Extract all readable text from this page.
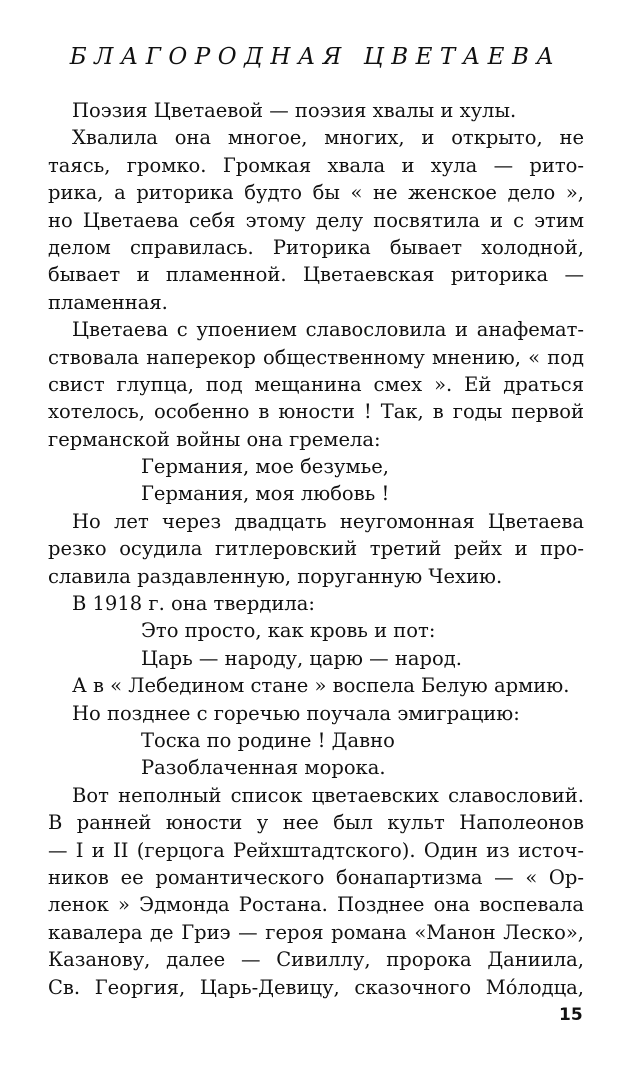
БЛАГОРОДНАЯ ЦВЕТАЕВА
Поэзия Цветаевой — поэзия хвалы и хулы.
Хвалила она многое, многих, и открыто, не
таясь, громко. Громкая хвала и хула — рито-
рика, а риторика будто бы « не женское дело »,
но Цветаева себя этому делу посвятила и с этим
делом справилась. Риторика бывает холодной,
бывает и пламенной. Цветаевская риторика —
пламенная.
Цветаева с упоением славословила и анафемат-
ствовала наперекор общественному мнению, « под
свист глупца, под мещанина смех ». Ей драться
хотелось, особенно в юности ! Так, в годы первой
германской войны она гремела:
Германия, мое безумье,
Германия, моя любовь !
Но лет через двадцать неугомонная Цветаева
резко осудила гитлеровский третий рейх и про-
славила раздавленную, поруганную Чехию.
В 1918 г. она твердила:
Это просто, как кровь и пот:
Царь — народу, царю — народ.
А в « Лебедином стане » воспела Белую армию.
Но позднее с горечью поучала эмиграцию:
Тоска по родине ! Давно
Разоблаченная морока.
Вот неполный список цветаевских славословий.
В ранней юности у нее был культ Наполеонов
— I и II (герцога Рейхштадтского). Один из источ-
ников ее романтического бонапартизма — « Ор-
ленок » Эдмонда Ростана. Позднее она воспевала
кавалера де Гриэ — героя романа «Манон Леско»,
Казанову, далее — Сивиллу, пророка Даниила,
Св. Георгия, Царь-Девицу, сказочного Mо́лодца,
15
